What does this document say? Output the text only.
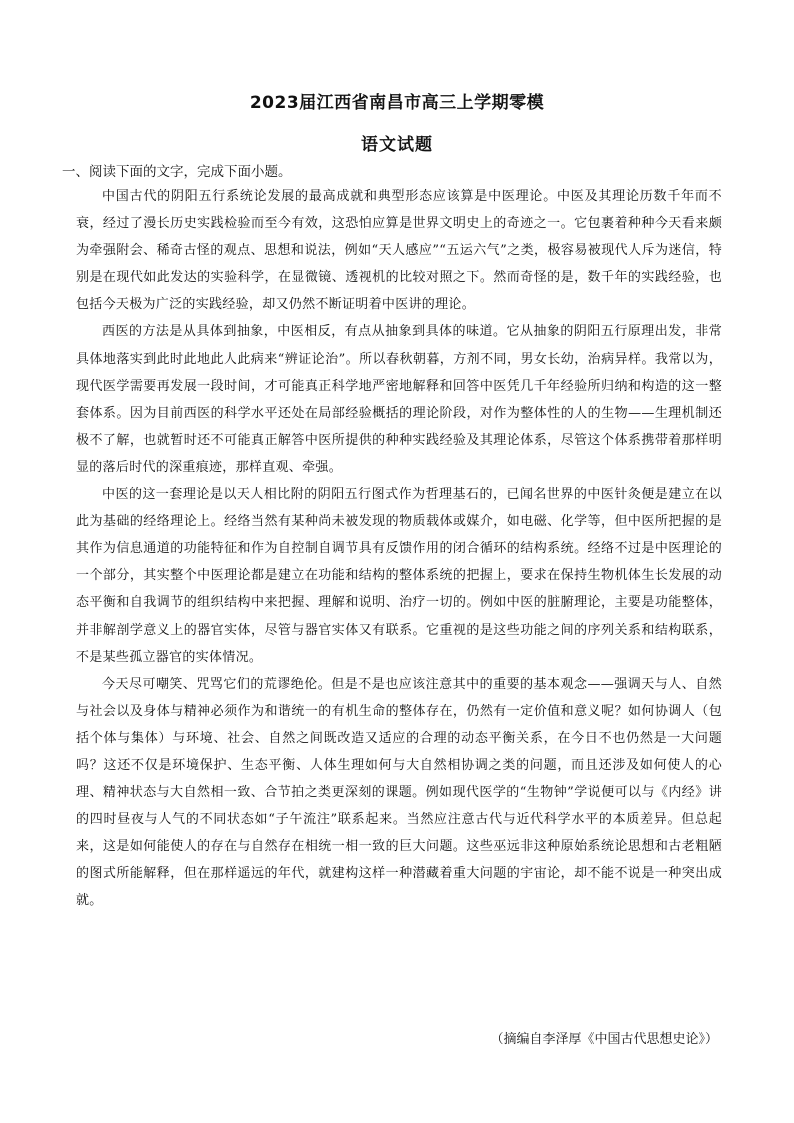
2023届江西省南昌市高三上学期零模
语文试题
一、阅读下面的文字，完成下面小题。

中国古代的阴阳五行系统论发展的最高成就和典型形态应该算是中医理论。中医及其理论历数千年而不衰，经过了漫长历史实践检验而至今有效，这恐怕应算是世界文明史上的奇迹之一。它包裹着种种今天看来颇为牵强附会、稀奇古怪的观点、思想和说法，例如“天人感应”“五运六气”之类，极容易被现代人斥为迷信，特别是在现代如此发达的实验科学，在显微镜、透视机的比较对照之下。然而奇怪的是，数千年的实践经验，也包括今天极为广泛的实践经验，却又仍然不断证明着中医讲的理论。

西医的方法是从具体到抽象，中医相反，有点从抽象到具体的味道。它从抽象的阴阳五行原理出发，非常具体地落实到此时此地此人此病来“辨证论治”。所以春秋朝暮，方剂不同，男女长幼，治病异样。我常以为，现代医学需要再发展一段时间，才可能真正科学地严密地解释和回答中医凭几千年经验所归纳和构造的这一整套体系。因为目前西医的科学水平还处在局部经验概括的理论阶段，对作为整体性的人的生物——生理机制还极不了解，也就暂时还不可能真正解答中医所提供的种种实践经验及其理论体系，尽管这个体系携带着那样明显的落后时代的深重痕迹，那样直观、牵强。

中医的这一套理论是以天人相比附的阴阳五行图式作为哲理基石的，已闻名世界的中医针灸便是建立在以此为基础的经络理论上。经络当然有某种尚未被发现的物质载体或媒介，如电磁、化学等，但中医所把握的是其作为信息通道的功能特征和作为自控制自调节具有反馈作用的闭合循环的结构系统。经络不过是中医理论的一个部分，其实整个中医理论都是建立在功能和结构的整体系统的把握上，要求在保持生物机体生长发展的动态平衡和自我调节的组织结构中来把握、理解和说明、治疗一切的。例如中医的脏腑理论，主要是功能整体，并非解剖学意义上的器官实体，尽管与器官实体又有联系。它重视的是这些功能之间的序列关系和结构联系，不是某些孤立器官的实体情况。

今天尽可嘲笑、咒骂它们的荒谬绝伦。但是不是也应该注意其中的重要的基本观念——强调天与人、自然与社会以及身体与精神必须作为和谐统一的有机生命的整体存在，仍然有一定价值和意义呢？如何协调人（包括个体与集体）与环境、社会、自然之间既改造又适应的合理的动态平衡关系，在今日不也仍然是一大问题吗？这还不仅是环境保护、生态平衡、人体生理如何与大自然相协调之类的问题，而且还涉及如何使人的心理、精神状态与大自然相一致、合节拍之类更深刻的课题。例如现代医学的“生物钟”学说便可以与《内经》讲的四时昼夜与人气的不同状态如“子午流注”联系起来。当然应注意古代与近代科学水平的本质差异。但总起来，这是如何能使人的存在与自然存在相统一相一致的巨大问题。这些巫远非这种原始系统论思想和古老粗陋的图式所能解释，但在那样遥远的年代，就建构这样一种潜藏着重大问题的宇宙论，却不能不说是一种突出成就。

（摘编自李泽厚《中国古代思想史论》）
